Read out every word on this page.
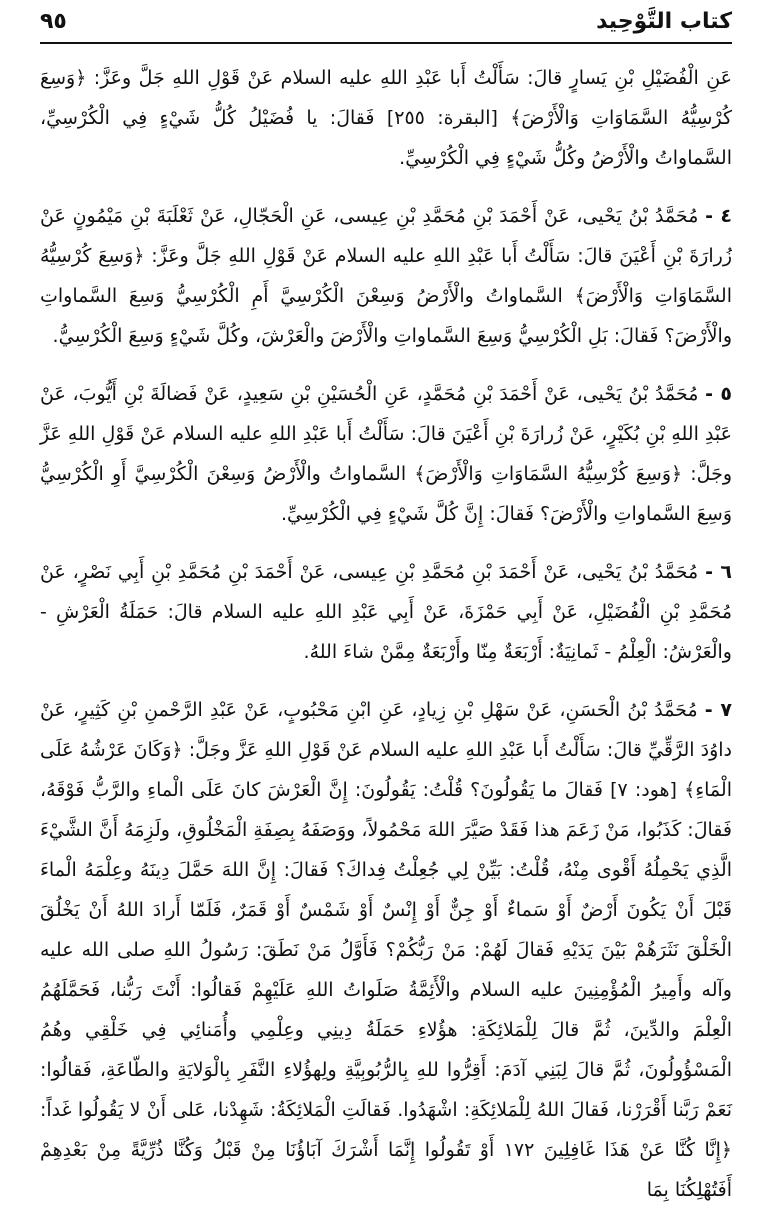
٩٥	كتاب التَّوْحِيد

عَنِ الْفُضَيْلِ بْنِ يَسارٍ قالَ: سَأَلْتُ أَبا عَبْدِ اللهِ عليه السلام عَنْ قَوْلِ اللهِ جَلَّ وعَزَّ: ﴿وَسِعَ كُرْسِيُّهُ السَّمَاوَاتِ وَالْأَرْضَ﴾ [البقرة: ٢٥٥] فَقالَ: يا فُضَيْلُ كُلُّ شَيْءٍ فِي الْكُرْسِيِّ، السَّماواتُ والْأَرْضُ وكُلُّ شَيْءٍ فِي الْكُرْسِيِّ.

٤ - مُحَمَّدُ بْنُ يَحْيى، عَنْ أَحْمَدَ بْنِ مُحَمَّدِ بْنِ عِيسى، عَنِ الْحَجّالِ، عَنْ ثَعْلَبَةَ بْنِ مَيْمُونٍ عَنْ زُرارَةَ بْنِ أَعْيَنَ قالَ: سَأَلْتُ أَبا عَبْدِ اللهِ عليه السلام عَنْ قَوْلِ اللهِ جَلَّ وعَزَّ: ﴿وَسِعَ كُرْسِيُّهُ السَّمَاوَاتِ وَالْأَرْضَ﴾ السَّماواتُ والْأَرْضُ وَسِعْنَ الْكُرْسِيَّ أَمِ الْكُرْسِيُّ وَسِعَ السَّماواتِ والْأَرْضَ؟ فَقالَ: بَلِ الْكُرْسِيُّ وَسِعَ السَّماواتِ والْأَرْضَ والْعَرْشَ، وكُلَّ شَيْءٍ وَسِعَ الْكُرْسِيُّ.

٥ - مُحَمَّدُ بْنُ يَحْيى، عَنْ أَحْمَدَ بْنِ مُحَمَّدٍ، عَنِ الْحُسَيْنِ بْنِ سَعِيدٍ، عَنْ فَضالَةَ بْنِ أَيُّوبَ، عَنْ عَبْدِ اللهِ بْنِ بُكَيْرٍ، عَنْ زُرارَةَ بْنِ أَعْيَنَ قالَ: سَأَلْتُ أَبا عَبْدِ اللهِ عليه السلام عَنْ قَوْلِ اللهِ عَزَّ وجَلَّ: ﴿وَسِعَ كُرْسِيُّهُ السَّمَاوَاتِ وَالْأَرْضَ﴾ السَّماواتُ والْأَرْضُ وَسِعْنَ الْكُرْسِيَّ أَوِ الْكُرْسِيُّ وَسِعَ السَّماواتِ والْأَرْضَ؟ فَقالَ: إِنَّ كُلَّ شَيْءٍ فِي الْكُرْسِيِّ.

٦ - مُحَمَّدُ بْنُ يَحْيى، عَنْ أَحْمَدَ بْنِ مُحَمَّدِ بْنِ عِيسى، عَنْ أَحْمَدَ بْنِ مُحَمَّدِ بْنِ أَبِي نَصْرٍ، عَنْ مُحَمَّدِ بْنِ الْفُضَيْلِ، عَنْ أَبِي حَمْزَةَ، عَنْ أَبِي عَبْدِ اللهِ عليه السلام قالَ: حَمَلَةُ الْعَرْشِ - والْعَرْشُ: الْعِلْمُ - ثَمانِيَةٌ: أَرْبَعَةٌ مِنّا وأَرْبَعَةٌ مِمَّنْ شاءَ اللهُ.

٧ - مُحَمَّدُ بْنُ الْحَسَنِ، عَنْ سَهْلِ بْنِ زِيادٍ، عَنِ ابْنِ مَحْبُوبٍ، عَنْ عَبْدِ الرَّحْمنِ بْنِ كَثِيرٍ، عَنْ داوُدَ الرَّقِّيِّ قالَ: سَأَلْتُ أَبا عَبْدِ اللهِ عليه السلام عَنْ قَوْلِ اللهِ عَزَّ وجَلَّ: ﴿وَكَانَ عَرْشُهُ عَلَى الْمَاءِ﴾ [هود: ٧] فَقالَ ما يَقُولُونَ؟ قُلْتُ: يَقُولُونَ: إِنَّ الْعَرْشَ كانَ عَلَى الْماءِ والرَّبُّ فَوْقَهُ، فَقالَ: كَذَبُوا، مَنْ زَعَمَ هذا فَقَدْ صَيَّرَ اللهَ مَحْمُولاً، ووَصَفَهُ بِصِفَةِ الْمَخْلُوقِ، ولَزِمَهُ أَنَّ الشَّيْءَ الَّذِي يَحْمِلُهُ أَقْوى مِنْهُ، قُلْتُ: بَيِّنْ لِي جُعِلْتُ فِداكَ؟ فَقالَ: إِنَّ اللهَ حَمَّلَ دِينَهُ وعِلْمَهُ الْماءَ قَبْلَ أَنْ يَكُونَ أَرْضٌ أَوْ سَماءٌ أَوْ جِنٌّ أَوْ إِنْسٌ أَوْ شَمْسٌ أَوْ قَمَرٌ، فَلَمّا أَرادَ اللهُ أَنْ يَخْلُقَ الْخَلْقَ نَثَرَهُمْ بَيْنَ يَدَيْهِ فَقالَ لَهُمْ: مَنْ رَبُّكُمْ؟ فَأَوَّلُ مَنْ نَطَقَ: رَسُولُ اللهِ صلى الله عليه وآله وأَمِيرُ الْمُؤْمِنِينَ عليه السلام والْأَئِمَّةُ صَلَواتُ اللهِ عَلَيْهِمْ فَقالُوا: أَنْتَ رَبُّنا، فَحَمَّلَهُمُ الْعِلْمَ والدِّينَ، ثُمَّ قالَ لِلْمَلائِكَةِ: هؤُلاءِ حَمَلَةُ دِينِي وعِلْمِي وأُمَنائِي فِي خَلْقِي وهُمُ الْمَسْؤُولُونَ، ثُمَّ قالَ لِبَنِي آدَمَ: أَقِرُّوا للهِ بِالرُّبُوبِيَّةِ ولِهؤُلاءِ النَّفَرِ بِالْوَلايَةِ والطّاعَةِ، فَقالُوا: نَعَمْ رَبَّنا أَقْرَرْنا، فَقالَ اللهُ لِلْمَلائِكَةِ: اشْهَدُوا. فَقالَتِ الْمَلائِكَةُ: شَهِدْنا، عَلى أَنْ لا يَقُولُوا غَداً: ﴿إِنَّا كُنَّا عَنْ هَذَا غَافِلِينَ ١٧٢ أَوْ تَقُولُوا إِنَّمَا أَشْرَكَ آبَاؤُنَا مِنْ قَبْلُ وَكُنَّا ذُرِّيَّةً مِنْ بَعْدِهِمْ أَفَتُهْلِكُنَا بِمَا
